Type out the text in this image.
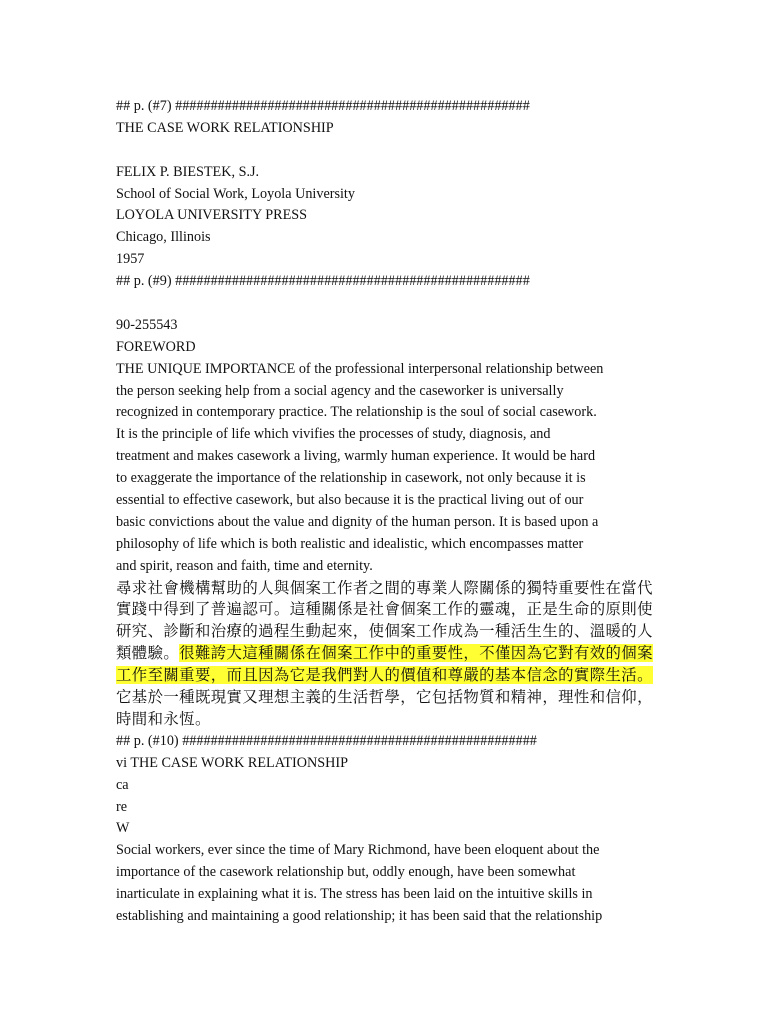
## p. (#7) ##################################################
THE CASE WORK RELATIONSHIP
FELIX P. BIESTEK, S.J.
School of Social Work, Loyola University
LOYOLA UNIVERSITY PRESS
Chicago, Illinois
1957
## p. (#9) ##################################################
90-255543
FOREWORD
THE UNIQUE IMPORTANCE of the professional interpersonal relationship between
the person seeking help from a social agency and the caseworker is universally
recognized in contemporary practice. The relationship is the soul of social casework.
It is the principle of life which vivifies the processes of study, diagnosis, and
treatment and makes casework a living, warmly human experience. It would be hard
to exaggerate the importance of the relationship in casework, not only because it is
essential to effective casework, but also because it is the practical living out of our
basic convictions about the value and dignity of the human person. It is based upon a
philosophy of life which is both realistic and idealistic, which encompasses matter
and spirit, reason and faith, time and eternity.
尋求社會機構幫助的人與個案工作者之間的專業人際關係的獨特重要性在當代
實踐中得到了普遍認可。這種關係是社會個案工作的靈魂，正是生命的原則使
研究、診斷和治療的過程生動起來，使個案工作成為一種活生生的、溫暖的人
類體驗。很難誇大這種關係在個案工作中的重要性，不僅因為它對有效的個案
工作至關重要，而且因為它是我們對人的價值和尊嚴的基本信念的實際生活。
它基於一種既現實又理想主義的生活哲學，它包括物質和精神，理性和信仰，
時間和永恆。
## p. (#10) ##################################################
vi THE CASE WORK RELATIONSHIP
ca
re
W
Social workers, ever since the time of Mary Richmond, have been eloquent about the
importance of the casework relationship but, oddly enough, have been somewhat
inarticulate in explaining what it is. The stress has been laid on the intuitive skills in
establishing and maintaining a good relationship; it has been said that the relationship
